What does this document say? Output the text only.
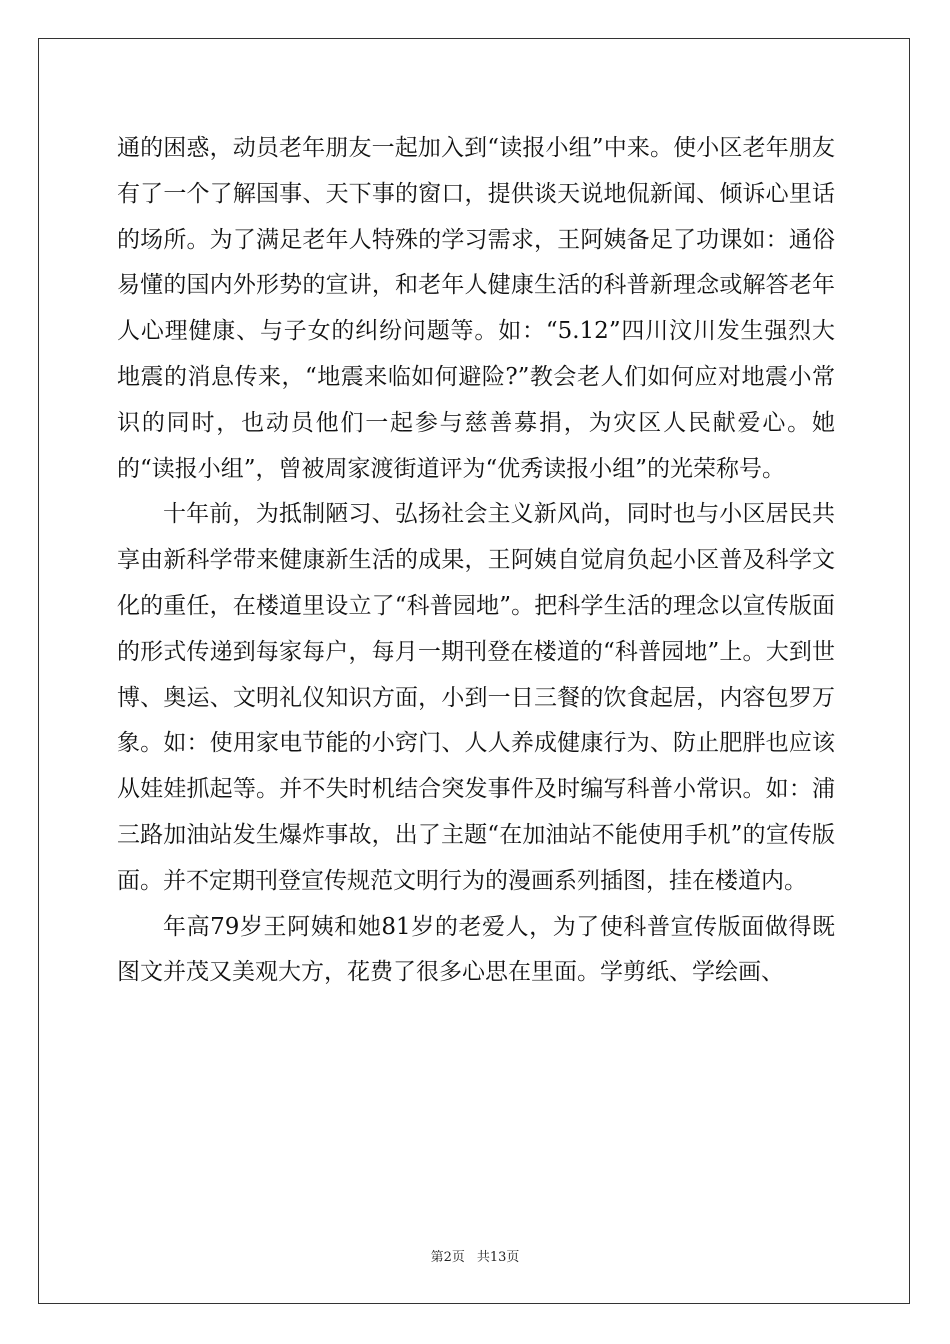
通的困惑，动员老年朋友一起加入到“读报小组”中来。使小区老年朋友有了一个了解国事、天下事的窗口，提供谈天说地侃新闻、倾诉心里话的场所。为了满足老年人特殊的学习需求，王阿姨备足了功课如：通俗易懂的国内外形势的宣讲，和老年人健康生活的科普新理念或解答老年人心理健康、与子女的纠纷问题等。如：“5.12”四川汶川发生强烈大地震的消息传来，“地震来临如何避险?”教会老人们如何应对地震小常识的同时，也动员他们一起参与慈善募捐，为灾区人民献爱心。她的“读报小组”，曾被周家渡街道评为“优秀读报小组”的光荣称号。

十年前，为抵制陋习、弘扬社会主义新风尚，同时也与小区居民共享由新科学带来健康新生活的成果，王阿姨自觉肩负起小区普及科学文化的重任，在楼道里设立了“科普园地”。把科学生活的理念以宣传版面的形式传递到每家每户，每月一期刊登在楼道的“科普园地”上。大到世博、奥运、文明礼仪知识方面，小到一日三餐的饮食起居，内容包罗万象。如：使用家电节能的小窍门、人人养成健康行为、防止肥胖也应该从娃娃抓起等。并不失时机结合突发事件及时编写科普小常识。如：浦三路加油站发生爆炸事故，出了主题“在加油站不能使用手机”的宣传版面。并不定期刊登宣传规范文明行为的漫画系列插图，挂在楼道内。

年高79岁王阿姨和她81岁的老爱人，为了使科普宣传版面做得既图文并茂又美观大方，花费了很多心思在里面。学剪纸、学绘画、

第2页 共13页
